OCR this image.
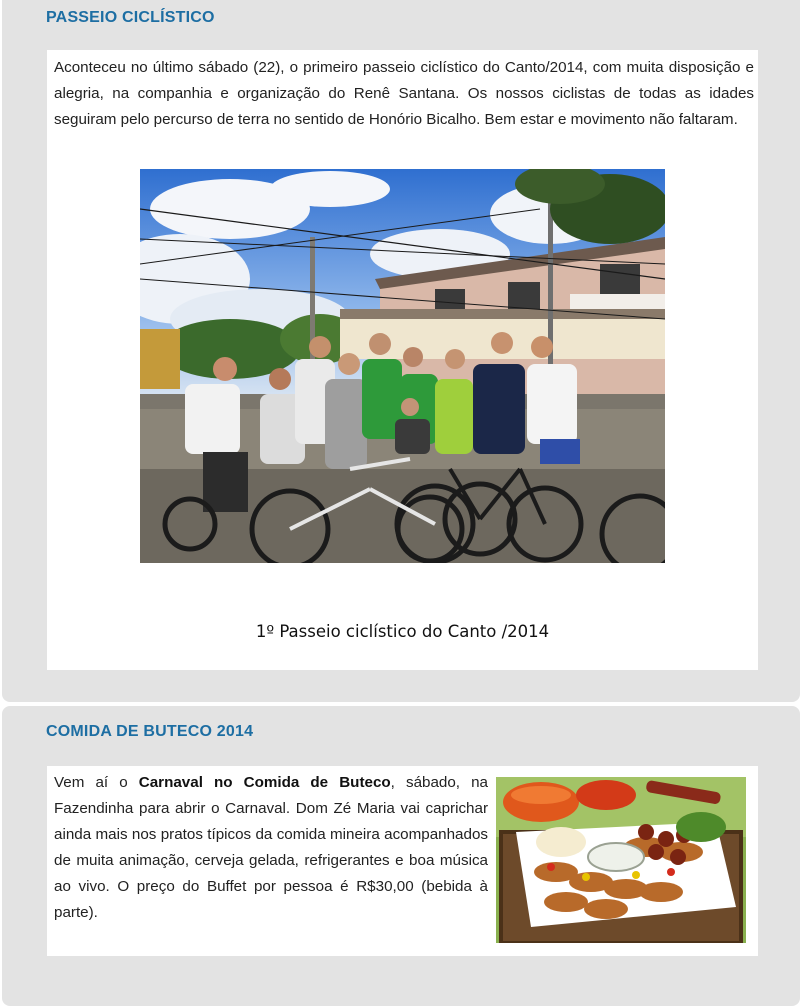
PASSEIO CICLÍSTICO
Aconteceu no último sábado (22), o primeiro passeio ciclístico do Canto/2014, com muita disposição e alegria, na companhia e organização do Renê Santana. Os nossos ciclistas de todas as idades seguiram pelo percurso de terra no sentido de Honório Bicalho. Bem estar e movimento não faltaram.
1º Passeio ciclístico do Canto /2014
COMIDA DE BUTECO 2014
Vem aí o Carnaval no Comida de Buteco, sábado, na Fazendinha para abrir o Carnaval. Dom Zé Maria vai caprichar ainda mais nos pratos típicos da comida mineira acompanhados de muita animação, cerveja gelada, refrigerantes e boa música ao vivo. O preço do Buffet por pessoa é R$30,00 (bebida à parte).
